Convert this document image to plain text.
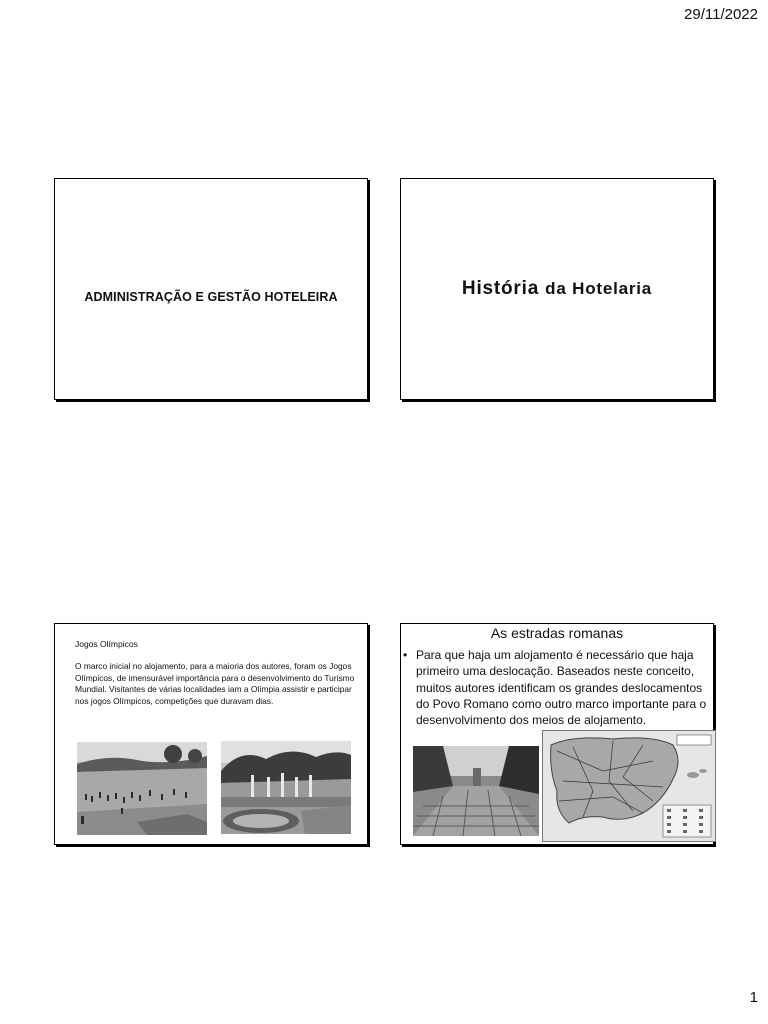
29/11/2022
ADMINISTRAÇÃO E GESTÃO HOTELEIRA	História da Hotelaria
Jogos Olímpicos
O marco inicial no alojamento, para a maioria dos autores, foram os Jogos Olímpicos, de imensurável importância para o desenvolvimento do Turismo Mundial. Visitantes de várias localidades iam a Olímpia assistir e participar nos jogos Olímpicos, competições que duravam dias.
As estradas romanas
• Para que haja um alojamento é necessário que haja primeiro uma deslocação. Baseados neste conceito, muitos autores identificam os grandes deslocamentos do Povo Romano como outro marco importante para o desenvolvimento dos meios de alojamento.
1
